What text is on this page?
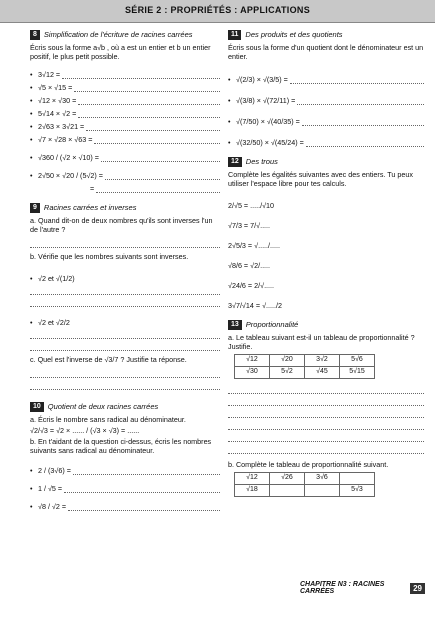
SÉRIE 2 : PROPRIÉTÉS : APPLICATIONS
8 Simplification de l'écriture de racines carrées
Écris sous la forme a√b , où a est un entier et b un entier positif, le plus petit possible.
• 3√12 =
• √5 × √15 =
• √12 × √30 =
• 5√14 × √2 =
• 2√63 × 3√21 =
• √7 × √28 × √63 =
• √360 / (√2 × √10) =
• 2√50 × √20 / (5√2) =
=
9 Racines carrées et inverses
a. Quand dit-on de deux nombres qu'ils sont inverses l'un de l'autre ?
b. Vérifie que les nombres suivants sont inverses.
• √2 et √(1/2)
• √2 et √2/2
c. Quel est l'inverse de √3/7 ? Justifie ta réponse.
10 Quotient de deux racines carrées
a. Écris le nombre sans radical au dénominateur.
√2/√3 = √2 × ...... / (√3 × √3) = ......
b. En t'aidant de la question ci-dessus, écris les nombres suivants sans radical au dénominateur.
• 2 / (3√6) =
• 1 / √5 =
• √8 / √2 =
11 Des produits et des quotients
Écris sous la forme d'un quotient dont le dénominateur est un entier.
• √(2/3) × √(3/5) =
• √(3/8) × √(72/11) =
• √(7/50) × √(40/35) =
• √(32/50) × √(45/24) =
12 Des trous
Complète les égalités suivantes avec des entiers. Tu peux utiliser l'espace libre pour tes calculs.
2/√5 = ...../√10
√7/3 = 7/√.....
2√5/3 = √...../.....
√8/6 = √2/.....
√24/6 = 2/√.....
3√7/√14 = √...../2
13 Proportionnalité
a. Le tableau suivant est-il un tableau de proportionnalité ? Justifie.
√12	√20	3√2	5√6
√30	5√2	√45	5√15
b. Complète le tableau de proportionnalité suivant.
√12	√26	3√6	
√18			5√3
CHAPITRE N3 : RACINES CARRÉES	29
